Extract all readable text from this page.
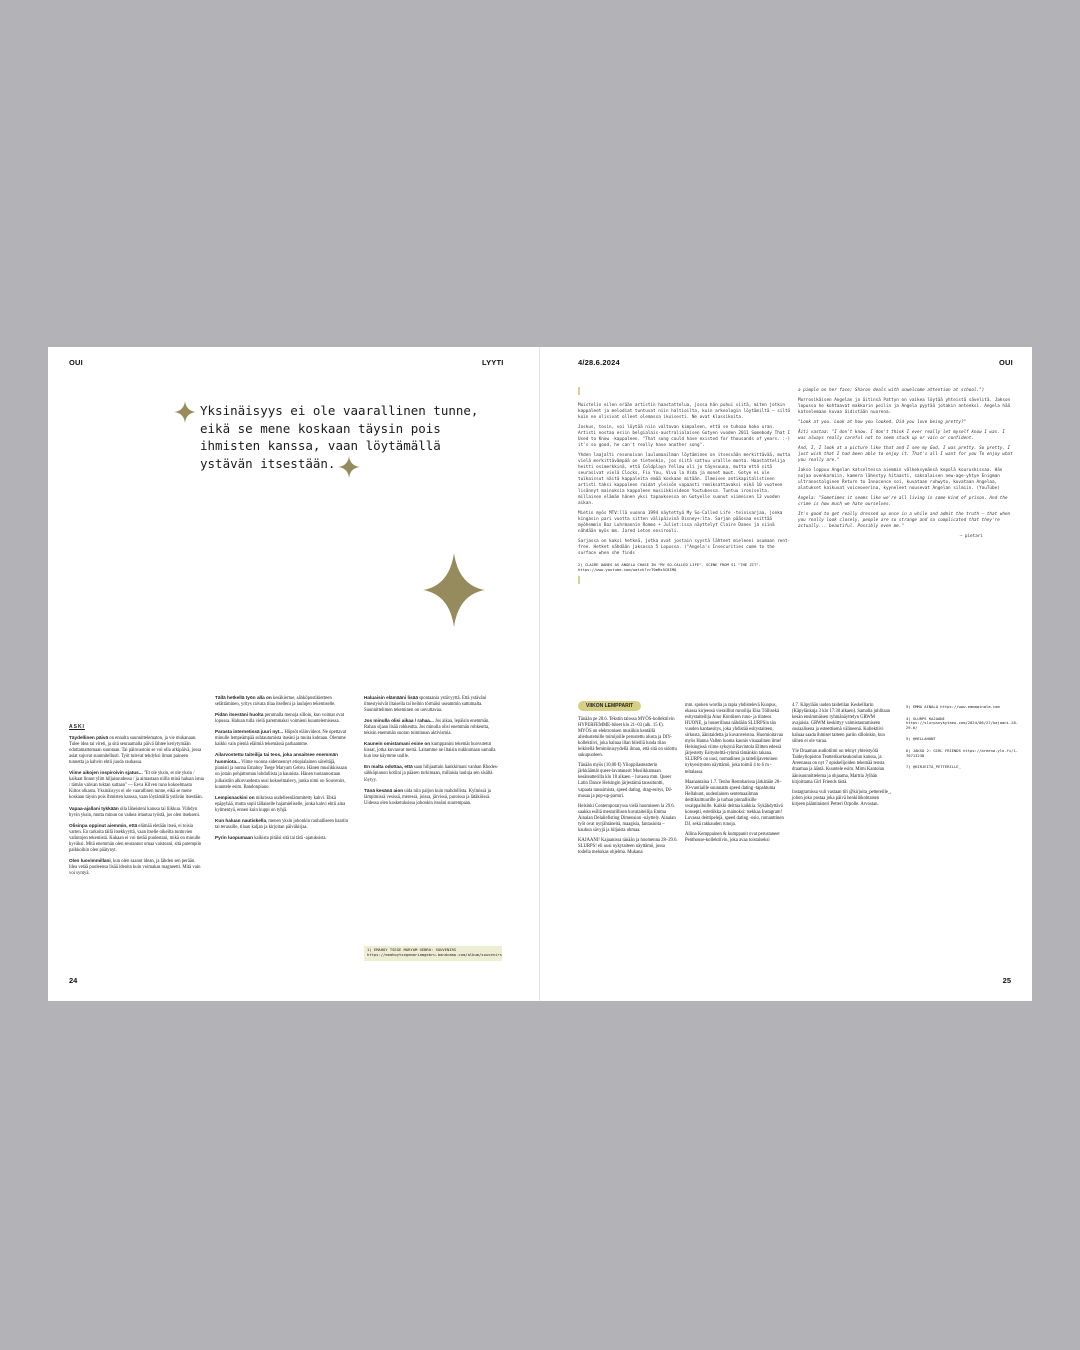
OUI	LYYTI	4/28.6.2024	OUI
Yksinäisyys ei ole vaarallinen tunne, eikä se mene koskaan täysin pois ihmisten kanssa, vaan löytämällä ystävän itsestään.
ASKI

Täydellinen päivä on ennalta suunnittelematon, ja vie mukanaan. Tulee idea tai vireti, ja sitä seuraamalla päivä lähtee keriytymään odottamattomaan suuntaan. Tai päinvastoin se voi olla arkipäivä, jossa asiat sujuvat suunnitellusti. Työt tulevat tehdyksi ilman paineen tunnetta ja kahvin ehtii juoda rauhassa.

Viime aikojen inspiroivin sjatus... "Et ole yksin, et ole yksin / kaikaat linnut ylim hiljaisuudessa / ja aimastaan niilla minä haluan istua / tämän vahvan tuktan suttaan" — Eeva Kilven runo kokoelmasta Kiitos olkasta. Yksinäisyys ei ole vaarallinen tunne, eikä se mene koskaan täysin pois ihmisten kanssa, vaan löytämällä ystävän itsestään.

Vapaa-ajallani tykkään olla läheisteni kanssa tai liikkua. Viihdyn hyvin yksin, mutta minun on vaikea irtautua työstä, jos olen itsekseni.

Olisinpa oppinut aiemmin, että elämää eletään itseä, ei toisia varten. En tarkoita tällä itsekkyyttä, vaan itselle oikeilta tuntuvien valintojen tekemistä. Kukaan ei voi tietää puolestani, mikä on minulle hyväksi. Mitä enemmän olen seurannut omaa vaistoani, sitä parempiin paikkoihin olen päätynyt.

Olen luovimmillani, kun olen saanut idean, ja lähden sen perään. Idea vetää puoleensa lisää ideoita kuin voimakas magneetti. Mitä vain voi syntyä.

Tällä hetkellä työn alla on kesäkiertue, sähköpostikierteen selättäminen, yritys raivata tilaa itselleni ja laulujen tekemiselle.

Pidän itsestäni huolta perumalla menoja silloin, kun voimat ovat lopussa. Haluan tulla vielä paremmaksi voimieni kuuntelemisessa.

Parasta internetissä juuri nyt... Höpsöt eläinvideot. Ne opettavat minulle lempeämpää suhtautumista itseäni ja muita kohtaan. Olemme kaikki vain pieniä eläimiä tekemässä parhaamme.

Ailarvostettu taiteilija tai teos, joka ansaitsee enemmän huomiota... Viime vuonna sidennennyt etiopialainen säveltäjä, pianisti ja nunna Emahoy Tsege Maryam Gebru. Hänen musiikkissaan on jotain pohjattoman lohdullista ja kaunista. Hänen tuotannostaan julkaistiin alkuvuodesta uusi kokoelmalevy, jonka nimi on Souvenirs, kuuntele esim. Bandonpiano.

Lempisnackini on mikrossa uudelleenlämmitetty kahvi. Ehkä epäpyhää, mutta sopii tällaiselle hajamieliselle, jonka kahvi ehtii aina kylmentyä, ennen kuin kuppi on tyhjä.

Kun haluan nautiskella, menen yksin johonkin rauhalliseen baariin tai terassille, tilaan kaljan ja kirjoitan päiväkirjaa.

Pyrin luopumaan kaikista pitäisi sitä tai tätä -ajatuksista.

Haluaisin elämääni lisää spontaania ystävyyttä. Että ystäväni ilmestyisivät iltaisella tai heihin törmäisi useammin sattumalta. Suunnittelimen tekeminen on uuvuttavaa.

Jos minulla olisi aikaa / rahaa... Jos aikaa, lepäisin enemmän. Rahan sijaan lisää rohkeutta. Jos minulla olisi enemmän rohkeutta, tekisin enemmän suoran toiminnan aktivismia.

Kaunein omistamani esine on kumppanini tekemät huovutetut kissat, jotka kuvaavat meitä. Laitamme ne iltaisin nukkumaan samalla kun itse käymme unille.

En malta odottaa, että saan hilijaattain hankkimani vanhan Rhodes-sähköpianon kotiini ja pääsen turkimaan, millaisia lauluja sen sisältä löytyy.

Tänä kesänä aion uida niin paljon kuin mahdollista. Kylmissä ja lämpimissä vesissä, meressä, joissa, järvissä, puroissa ja lätäköissä. Uidessa olen kosketuksissa johonkin itseäni suurempaan.

1) EMAHOY TSEGE MARYAM GEBRU: SOUVENIRS https://emahoytsegemariamgebru.bandcamp.com/album/souvenirs
24	25

Muistelin eilen erään artistin haastattelua, jossa hän puhui siitä, miten jotkin kappaleet ja melodiat tuntuvat niin haltioilta, kuin arkeologin löytämiltä — siltä kuin ne olisivat olleet olemassa ikuisesti. Ne ovat klassikoita.

Joskus, tosin, voi löytää niin valtavan kimpaleen, että se tuhoaa koko uran. Artisti nostaa esiin belgialais-australialaisen Gotyen vuoden 2011 Somebody That I Used to Know -kappaleen. "That song could have existed for thousands of years. :-) it's so good, he can't really have another song".

Yhden laajalti resonoivan laulumaailman löytäminen on itsessään merkittävää, mutta vielä merkittävämpää on tietenkin, jos niitä sattuu urallle monta. Haastattelija heitti esimerkkinä, että Coldplayn Yellow oli jo täynsuuna, mutta että sitä seurasivat vielä Clocks, Fix You, Viva la Vida ja monet muut. Gotye ei ole tuikaissut näitä kappaleita emää koskaan mitään. Ilmeisen antikapitalistinen artisti taksi kappaleen raidat yleisön vapaasti remiksattavaksi eikä 10 vuoteen lisännyt mainoksia kappaleen musiikkivideon Youtubessa. Tuntuu ironiselta, millaisen elämän hänen yksi tapauksessa on Gotyelle suonut viimeisen 13 vuoden aikan.

Mietin myös MTV:llä vuonna 1994 näytettyä My So-Called Life -teinisarjaa, jonka kingasin pari vuotta sitten välipäivinä Disney+:lta. Sarjan pääosaa esittää myöhemmin Baz Luhrmannin Romeo + Juliet:issa näyttelyt Claire Danes ja siinä nähdään myös mm. Jared Leton ensirooli.

Sarjassa on kaksi hetkeä, jotka ovat jostain syystä lähteet mieleeni asumaan rent-free. Hetket nähdään jaksossa 5 Lopussa. ("Angela's Insecurities come to the surface when she finds

2) CLAIRE DANES AS ANGELA CHASE IN "MY SO-CALLED LIFE". SCENE FROM S1 "THE ZIT". https://www.youtube.com/watch?v=T0mMz5C8IMQ

a pimple on her face; Sharon deals with unwelcome attention at school.")

Murrosikäisen Angelan ja äitinsä Pattyn on vaikea löytää yhteistä sävelitä. Jakson lopussa he kohtaavat makkarin peilin ja Angela pyytää jotakin anteeksi. Angela hää katselemaan kuvaa äidistään nuorena.

"Look at you. Look at how you looked. Did you love being pretty?"

Äiti vastaa: "I don't know. I don't think I ever really let myself know I was. I was always really careful not to seem stuck up or vain or confident.

And, I, I look at a picture like that and I see my God, I was pretty. So pretty. I just wish that I had been able to enjoy it. That's all I want for you To enjoy what you really are."

Jakso loppuu Angelan katseltessa aiemmin välkeksymänsä kepolä kouruskissaa. Hän nojaa ovenkarmiin, kamera lähestyy hitaasti, saksalaisen new-age-yhtye Enigman ultranostalginen Return to Innocence soi, kuvataan ruhwyto, kuvataan Angelaa, alatukset kaikuvat voiceoverina, kyyneleet nousevat Angelan silmiin. (YouTube)

Angela: "Sometimes it seems like we're all living in some kind of prison. And the crime is how much we hate ourselves.

It's good to get really dressed up once in a while and admit the truth — that when you really look closely, people are so strange and so complicated that they're actually... beautiful. Possibly even me."

— pietari

VIIKON LEMPPARIT

Tänään pe 28.6. Tekstin talossa MYÖS-kollektiivin HYPERFEMME-bileet klo 21–03 (alk. 15 €). MYÖS on elektronisen musiikin kentällä aliedustetuille toimijoille perustettu alusta ja DIY-kollektiivi, joka haluaa illan bileillä luoda tilan leikitellä feminiinisyydellä ilman, että sitä on sidottu sukupuoleen.

Tänään myös (10,00 €) Ylioppilasteatterin järkkäämät queer-lavatanssit Musiikkamaan kesäteatterilla klo 18 alkaen – luvassa mm. Queer Latin Dance Helsingin järjestämä tanssituntti, vapaata tanssimista, speed dating, drag-esitys, DJ-musaa ja pop-up-parturi.

Helsinki Contemporaryssa vielä huomiseen la 29.6. saakka esillä mestarillisen kuvataiteilija Emma Ainalan Delaliefisting Dimension -näyttely. Ainalan työt ovat nyrjähtäneitä, maagisia, fantasioita – kauhun sävyjä ja hiljaista uhmaa.

KAJAANI! Kajaanissa tänään ja huomenna 28–29.6. SLURPS! eli uusi nykytaiteen näyttämö, jossa todella mehukas ohjelma. Mukana

mm. spoken wordia ja rapia yhdistelevä Kuopus, ekassa kirjeessä vierailllut runoilija Elsa Töllisekä esitystaiteilija Aino Kontiisen runo- ja tilateos HUONE, ja luuserillana nähdään SLURPSin tän vuoden kantaesitys, joka yhdistää esitystaiteen, sirkusta, äänitaidetta ja kuvanveistoa. Huomioitavaa myös Hanna Vallen luoma kaunis visuaalinen ilme! Helsingissä viime syksynä Ravintola Elitten edessä järjestetty Esitystelttä-ryhmä tämänkin takana. SLURPS on uusi, nomadinen ja taiteilijavetoinen nykyesitysten näyttämö, joka toimii 4 to 6 m -teltalassa.

Maanantaina 1.7. Tenho Restobarissa järkätään 20–30-vuotiaille suunnattu speed dating -tapahtuma Hellahunt, uudenlainen sentemaailman deittikulttuurille ja turhan pinnallisille swaippailuille. Kaikki deittaa kaikkia. Sykähdyttävä konsepti, estetiikka ja mainoksi: tsekkaa Instagram! Luvassa deittipelejä, speed dating -osio, romanttinen DJ, sekä rakkauden runoja.

Aliina Kemppainen & kumppanit ovat perustaneet Penthouse-kollektiivin, joka avaa toistaiseksi

4.7. Käpylään uuden taidetilan Keskelliarin (Käpylänkuja 3 klo 17:30 alkaen). Samalla juhlitaan kesän ensimmäisen ryhmänäyttelyn GRWM avajaisia. GRWM keskittyy valmistautumiseen sosiaalisena ja esteettisenä välineenä. Kollektiivi haluaa saada ihmiset taiteen pariin silloinkin, kun siihen ei ole varaa.

Yle Draaman audiotiimi on tehnyt yhteistyötä Taideyliopiston Teatterikorkeakoulun kanssa, ja Areenassa on nyt 7 opiskelijoiden tekemää teosta draamaa ja ääntä. Kuuntele esim. Mimi Kantolan äänisuunnittelema ja ohjaama, Marttia Jylhän kirjoittama Girl Friends tästä.

Instagramissa vuli vastaan tili @kirjoita_pettereille_, johon joku postaa joka päivä henkilökohtaisen kirjeen pääministeri Petteri Orpolle. Arvostan.

5) EMMA AINALA https://www.emmaainala.com

4) SLURPS KAJAANI https://slurpsnykytaeo.com/2024/06/27/kajaani-28-29-6/

5) @HELLAHUNT

6) JAKSO 2: GIRL FRIENDS https://areena.yle.fi/1-70713238

7) @KIRJEITA_PETTERILLE_
